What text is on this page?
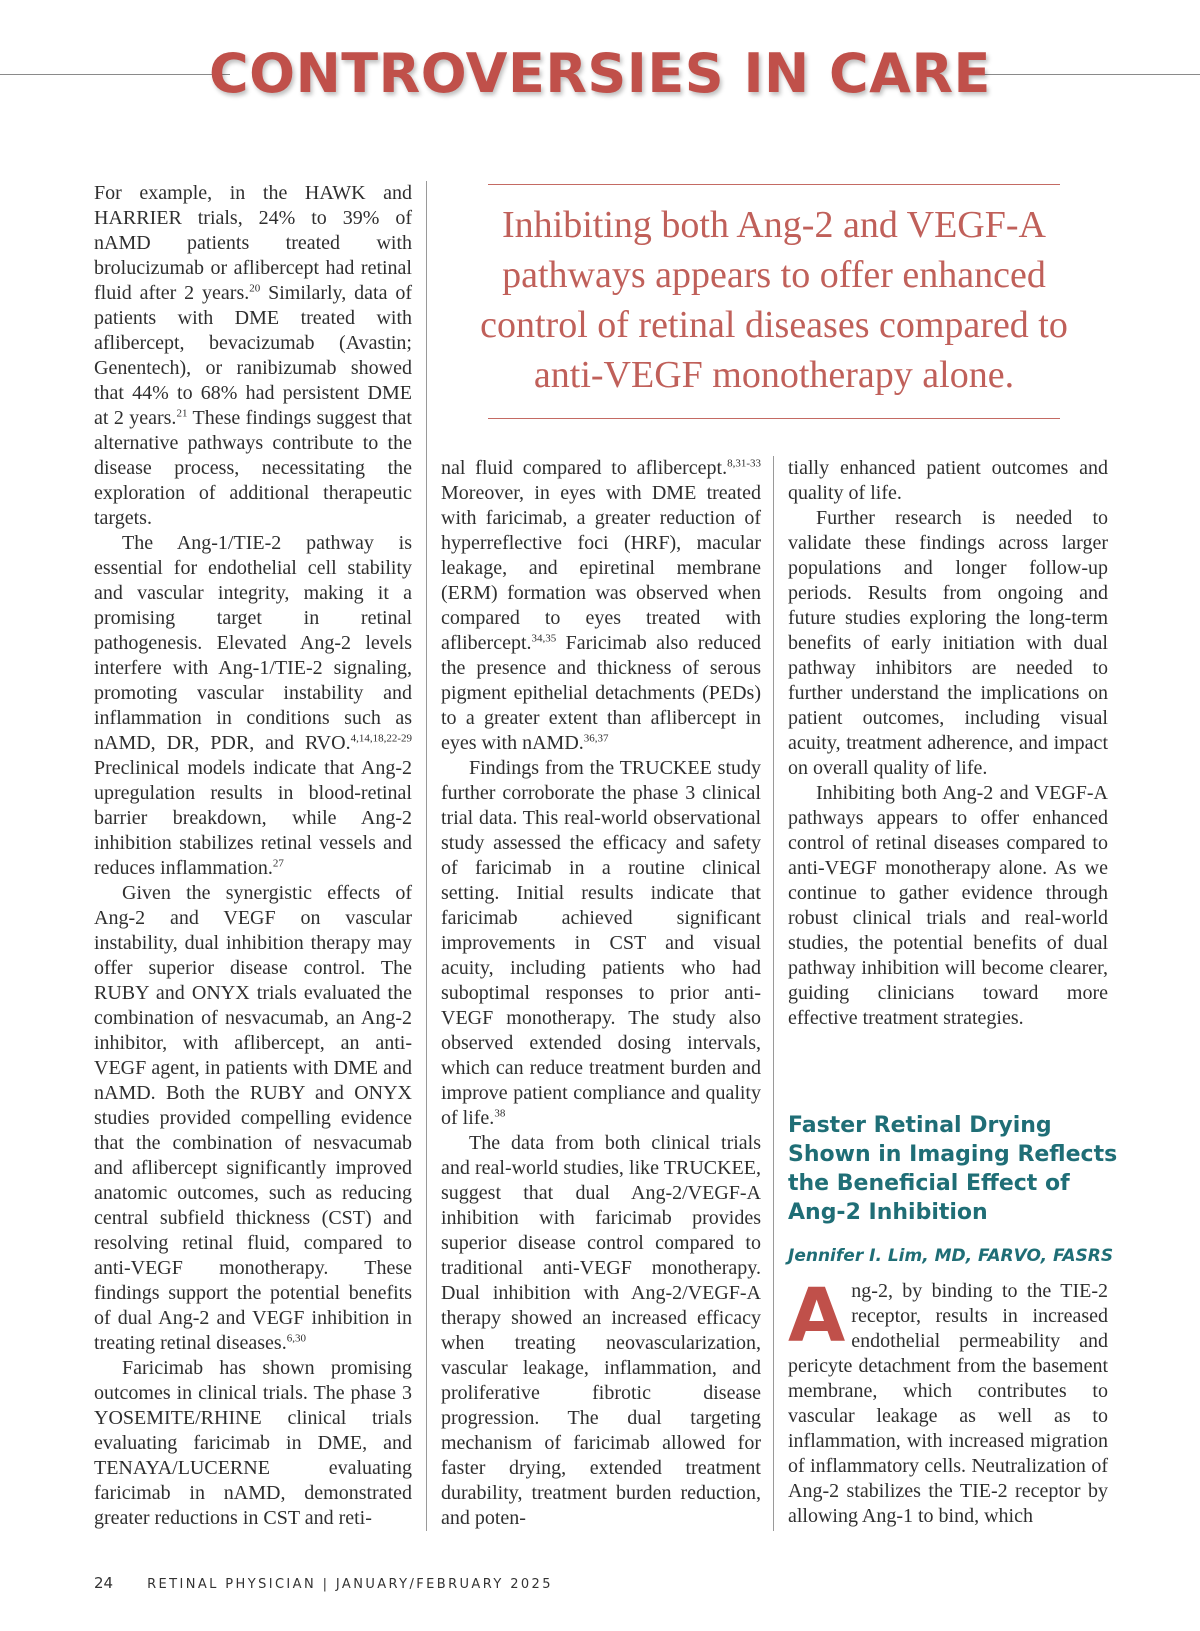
CONTROVERSIES IN CARE

For example, in the HAWK and HARRIER trials, 24% to 39% of nAMD patients treated with brolucizumab or aflibercept had retinal fluid after 2 years.$^{20}$ Similarly, data of patients with DME treated with aflibercept, bevacizumab (Avastin; Genentech), or ranibizumab showed that 44% to 68% had persistent DME at 2 years.$^{21}$ These findings suggest that alternative pathways contribute to the disease process, necessitating the exploration of additional therapeutic targets.

The Ang-1/TIE-2 pathway is essential for endothelial cell stability and vascular integrity, making it a promising target in retinal pathogenesis. Elevated Ang-2 levels interfere with Ang-1/TIE-2 signaling, promoting vascular instability and inflammation in conditions such as nAMD, DR, PDR, and RVO.$^{4,14,18,22-29}$ Preclinical models indicate that Ang-2 upregulation results in blood-retinal barrier breakdown, while Ang-2 inhibition stabilizes retinal vessels and reduces inflammation.$^{27}$

Given the synergistic effects of Ang-2 and VEGF on vascular instability, dual inhibition therapy may offer superior disease control. The RUBY and ONYX trials evaluated the combination of nesvacumab, an Ang-2 inhibitor, with aflibercept, an anti-VEGF agent, in patients with DME and nAMD. Both the RUBY and ONYX studies provided compelling evidence that the combination of nesvacumab and aflibercept significantly improved anatomic outcomes, such as reducing central subfield thickness (CST) and resolving retinal fluid, compared to anti-VEGF monotherapy. These findings support the potential benefits of dual Ang-2 and VEGF inhibition in treating retinal diseases.$^{6,30}$

Faricimab has shown promising outcomes in clinical trials. The phase 3 YOSEMITE/RHINE clinical trials evaluating faricimab in DME, and TENAYA/LUCERNE evaluating faricimab in nAMD, demonstrated greater reductions in CST and reti-

Inhibiting both Ang-2 and VEGF-A pathways appears to offer enhanced control of retinal diseases compared to anti-VEGF monotherapy alone.

nal fluid compared to aflibercept.$^{8,31-33}$ Moreover, in eyes with DME treated with faricimab, a greater reduction of hyperreflective foci (HRF), macular leakage, and epiretinal membrane (ERM) formation was observed when compared to eyes treated with aflibercept.$^{34,35}$ Faricimab also reduced the presence and thickness of serous pigment epithelial detachments (PEDs) to a greater extent than aflibercept in eyes with nAMD.$^{36,37}$

Findings from the TRUCKEE study further corroborate the phase 3 clinical trial data. This real-world observational study assessed the efficacy and safety of faricimab in a routine clinical setting. Initial results indicate that faricimab achieved significant improvements in CST and visual acuity, including patients who had suboptimal responses to prior anti-VEGF monotherapy. The study also observed extended dosing intervals, which can reduce treatment burden and improve patient compliance and quality of life.$^{38}$

The data from both clinical trials and real-world studies, like TRUCKEE, suggest that dual Ang-2/VEGF-A inhibition with faricimab provides superior disease control compared to traditional anti-VEGF monotherapy. Dual inhibition with Ang-2/VEGF-A therapy showed an increased efficacy when treating neovascularization, vascular leakage, inflammation, and proliferative fibrotic disease progression. The dual targeting mechanism of faricimab allowed for faster drying, extended treatment durability, treatment burden reduction, and poten-

tially enhanced patient outcomes and quality of life.

Further research is needed to validate these findings across larger populations and longer follow-up periods. Results from ongoing and future studies exploring the long-term benefits of early initiation with dual pathway inhibitors are needed to further understand the implications on patient outcomes, including visual acuity, treatment adherence, and impact on overall quality of life.

Inhibiting both Ang-2 and VEGF-A pathways appears to offer enhanced control of retinal diseases compared to anti-VEGF monotherapy alone. As we continue to gather evidence through robust clinical trials and real-world studies, the potential benefits of dual pathway inhibition will become clearer, guiding clinicians toward more effective treatment strategies.

Faster Retinal Drying Shown in Imaging Reflects the Beneficial Effect of Ang-2 Inhibition
Jennifer I. Lim, MD, FARVO, FASRS

Ang-2, by binding to the TIE-2 receptor, results in increased endothelial permeability and pericyte detachment from the basement membrane, which contributes to vascular leakage as well as to inflammation, with increased migration of inflammatory cells. Neutralization of Ang-2 stabilizes the TIE-2 receptor by allowing Ang-1 to bind, which

24	RETINAL PHYSICIAN | JANUARY/FEBRUARY 2025
